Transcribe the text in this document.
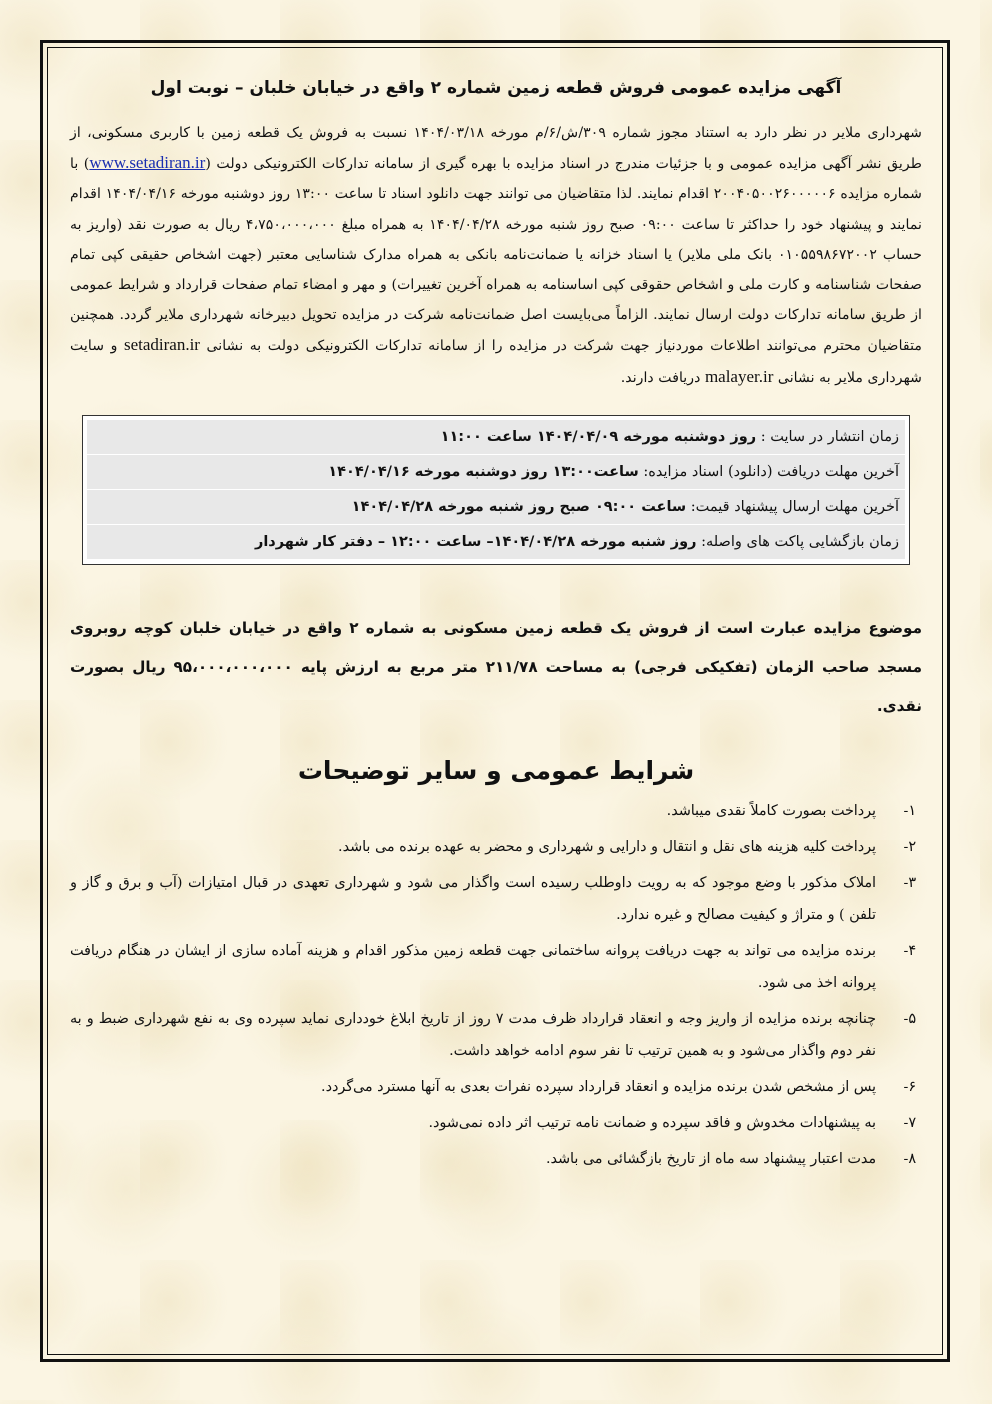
آگهی مزایده عمومی فروش قطعه زمین شماره ۲ واقع در خیابان خلبان – نوبت اول

شهرداری ملایر در نظر دارد به استناد مجوز شماره ۳۰۹/ش/۶/م مورخه ۱۴۰۴/۰۳/۱۸ نسبت به فروش یک قطعه زمین با کاربری مسکونی، از طریق نشر آگهی مزایده عمومی و با جزئیات مندرج در اسناد مزایده با بهره گیری از سامانه تدارکات الکترونیکی دولت (www.setadiran.ir) با شماره مزایده ۲۰۰۴۰۵۰۰۲۶۰۰۰۰۰۶ اقدام نمایند. لذا متقاضیان می توانند جهت دانلود اسناد تا ساعت ۱۳:۰۰ روز دوشنبه مورخه ۱۴۰۴/۰۴/۱۶ اقدام نمایند و پیشنهاد خود را حداکثر تا ساعت ۰۹:۰۰ صبح روز شنبه مورخه ۱۴۰۴/۰۴/۲۸ به همراه مبلغ ۴،۷۵۰،۰۰۰،۰۰۰ ریال به صورت نقد (واریز به حساب ۰۱۰۵۵۹۸۶۷۲۰۰۲ بانک ملی ملایر) یا اسناد خزانه یا ضمانت‌نامه بانکی به همراه مدارک شناسایی معتبر (جهت اشخاص حقیقی کپی تمام صفحات شناسنامه و کارت ملی و اشخاص حقوقی کپی اساسنامه به همراه آخرین تغییرات) و مهر و امضاء تمام صفحات قرارداد و شرایط عمومی از طریق سامانه تدارکات دولت ارسال نمایند. الزاماً می‌بایست اصل ضمانت‌نامه شرکت در مزایده تحویل دبیرخانه شهرداری ملایر گردد. همچنین متقاضیان محترم می‌توانند اطلاعات موردنیاز جهت شرکت در مزایده را از سامانه تدارکات الکترونیکی دولت به نشانی setadiran.ir و سایت شهرداری ملایر به نشانی malayer.ir دریافت دارند.

زمان انتشار در سایت : روز دوشنبه مورخه ۱۴۰۴/۰۴/۰۹ ساعت ۱۱:۰۰
آخرین مهلت دریافت (دانلود) اسناد مزایده: ساعت۱۳:۰۰ روز دوشنبه مورخه ۱۴۰۴/۰۴/۱۶
آخرین مهلت ارسال پیشنهاد قیمت: ساعت ۰۹:۰۰ صبح روز شنبه مورخه ۱۴۰۴/۰۴/۲۸
زمان بازگشایی پاکت های واصله: روز شنبه مورخه ۱۴۰۴/۰۴/۲۸– ساعت ۱۲:۰۰ – دفتر کار شهردار

موضوع مزایده عبارت است از فروش یک قطعه زمین مسکونی به شماره ۲ واقع در خیابان خلبان کوچه روبروی مسجد صاحب الزمان (تفکیکی فرجی) به مساحت ۲۱۱/۷۸ متر مربع به ارزش پایه ۹۵،۰۰۰،۰۰۰،۰۰۰ ریال بصورت نقدی.

شرایط عمومی و سایر توضیحات
۱-
پرداخت بصورت کاملاً نقدی میباشد.
۲-
پرداخت کلیه هزینه های نقل و انتقال و دارایی و شهرداری و محضر به عهده برنده می باشد.
۳-
املاک مذکور با وضع موجود که به رویت داوطلب رسیده است واگذار می شود و شهرداری تعهدی در قبال امتیازات (آب و برق و گاز و تلفن ) و متراژ و کیفیت مصالح و غیره ندارد.
۴-
برنده مزایده می تواند به جهت دریافت پروانه ساختمانی جهت قطعه زمین مذکور اقدام و هزینه آماده سازی از ایشان در هنگام دریافت پروانه اخذ می شود.
۵-
چنانچه برنده مزایده از واریز وجه و انعقاد قرارداد ظرف مدت ۷ روز از تاریخ ابلاغ خودداری نماید سپرده وی به نفع شهرداری ضبط و به نفر دوم واگذار می‌شود و به همین ترتیب تا نفر سوم ادامه خواهد داشت.
۶-
پس از مشخص شدن برنده مزایده و انعقاد قرارداد سپرده نفرات بعدی به آنها مسترد می‌گردد.
۷-
به پیشنهادات مخدوش و فاقد سپرده و ضمانت نامه ترتیب اثر داده نمی‌شود.
۸-
مدت اعتبار پیشنهاد سه ماه از تاریخ بازگشائی می باشد.
